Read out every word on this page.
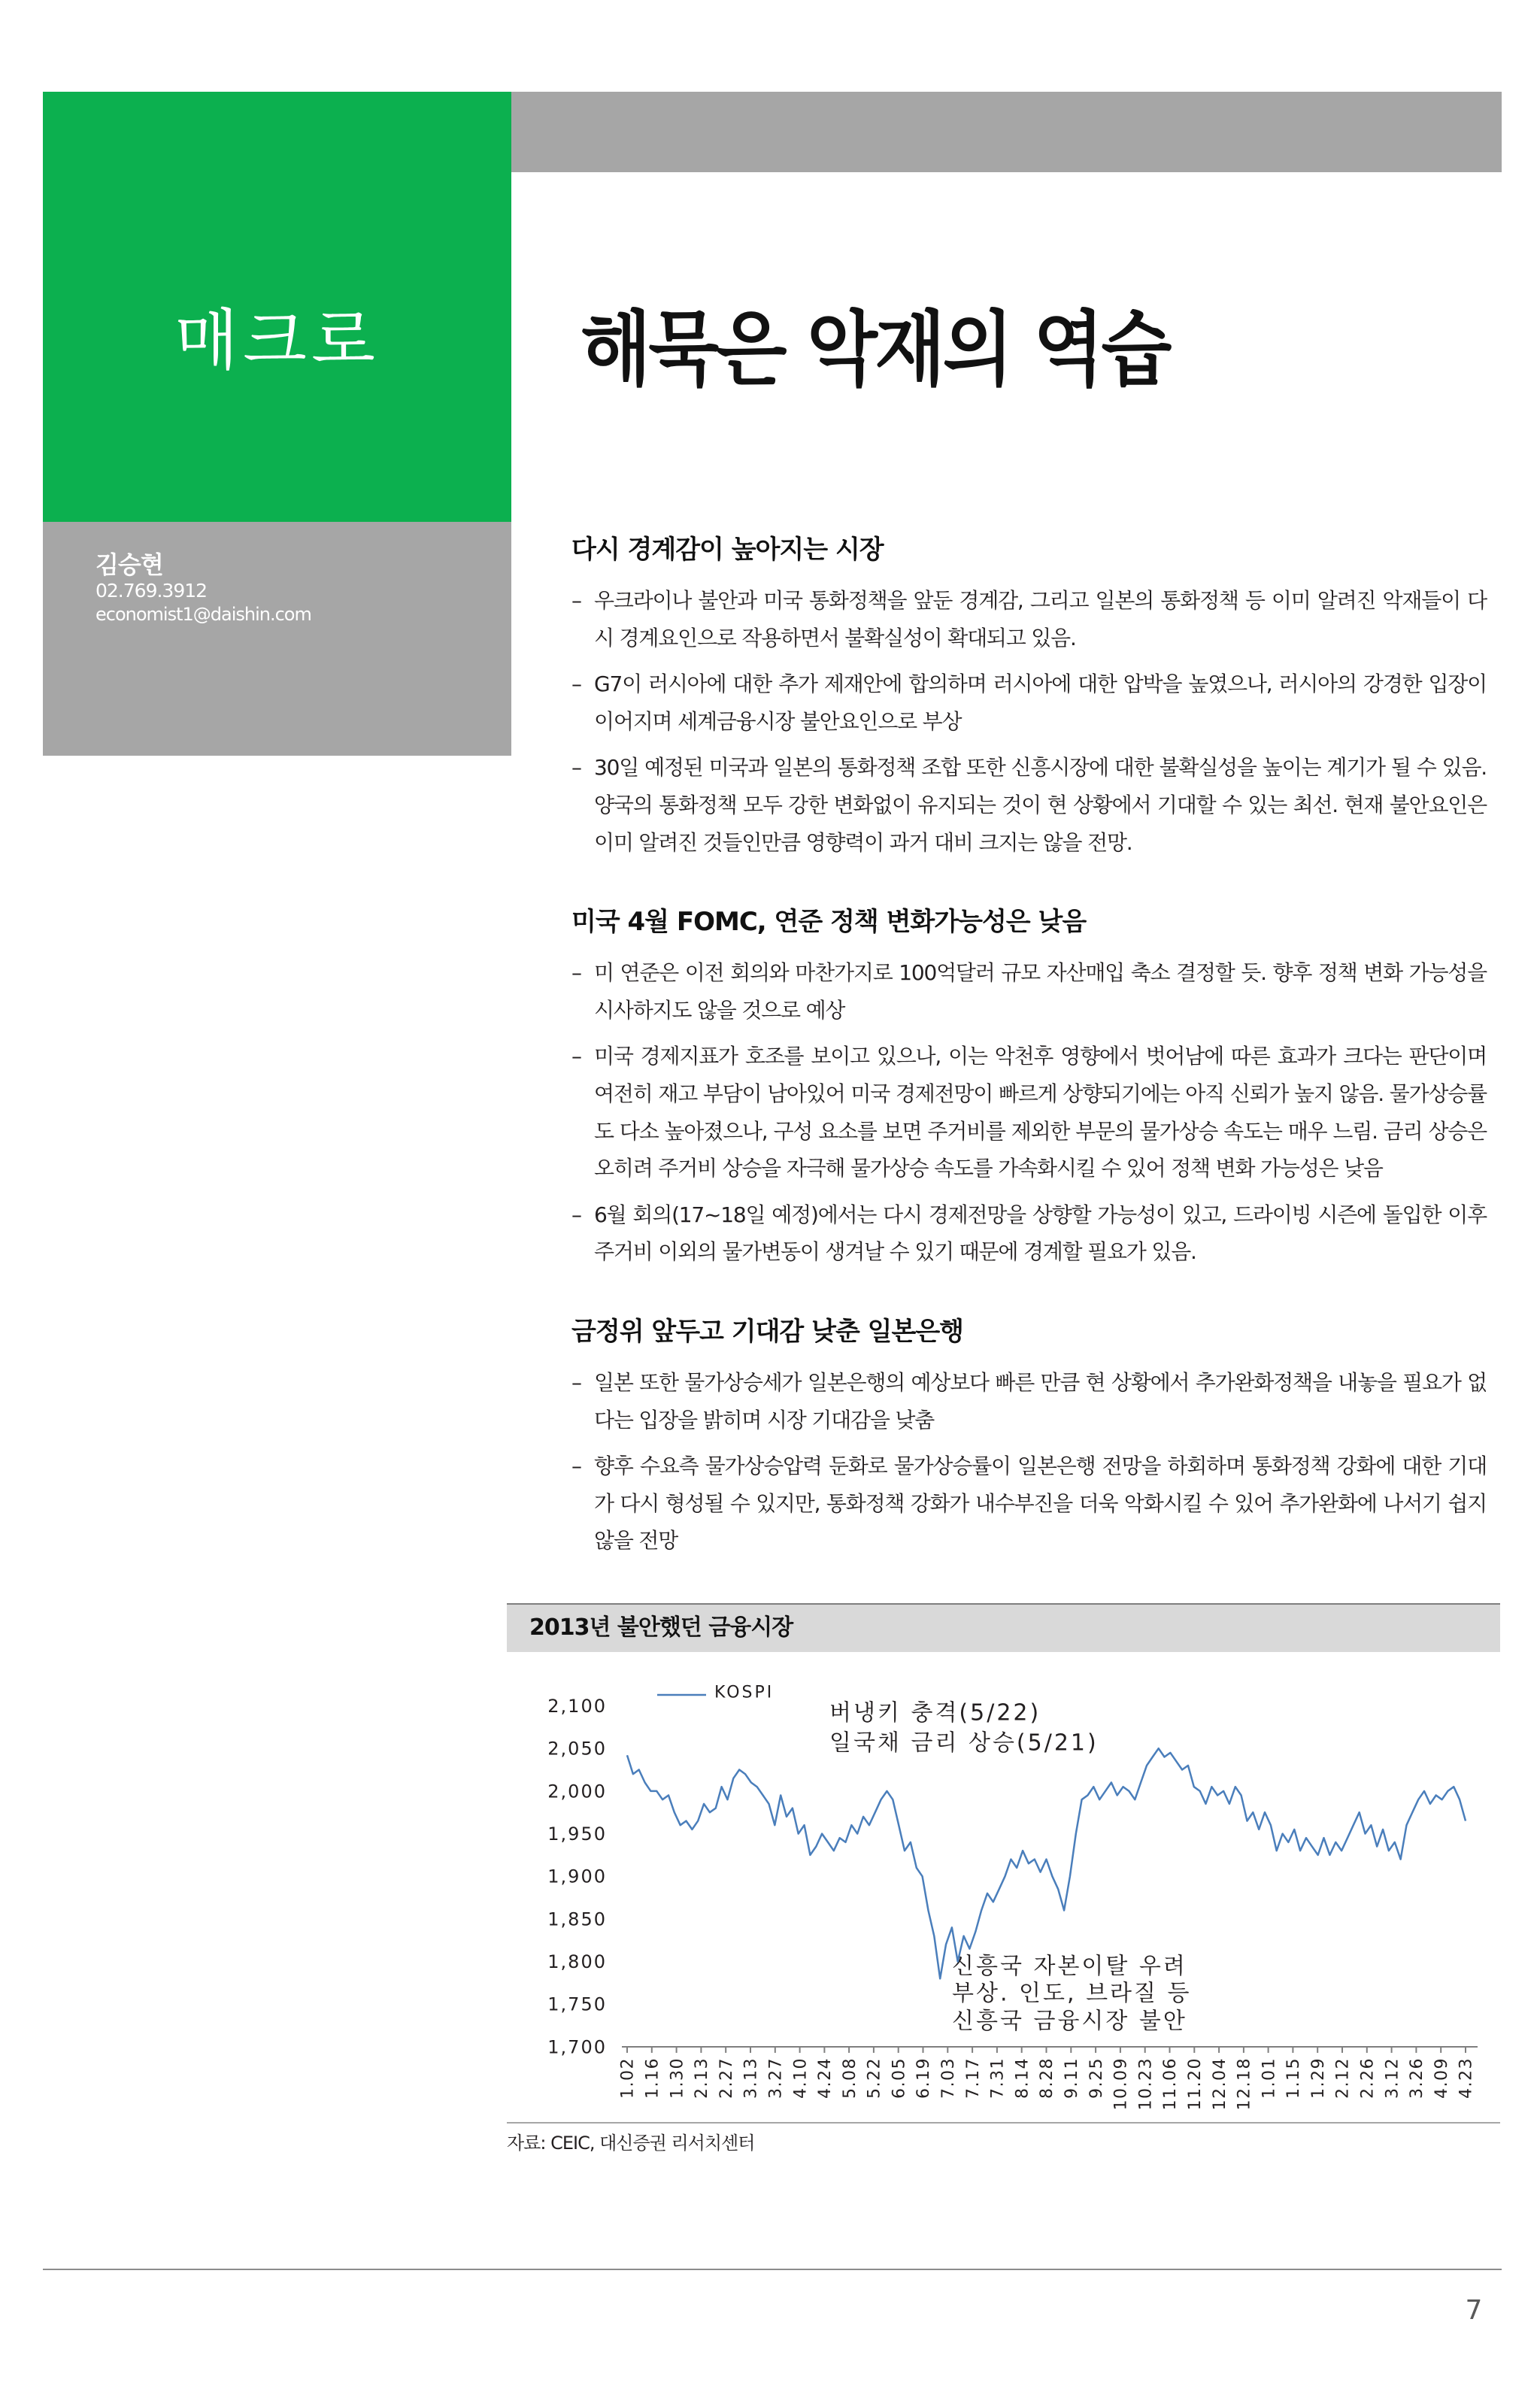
매크로	해묵은 악재의 역습
김승현
02.769.3912
economist1@daishin.com
다시 경계감이 높아지는 시장
– 우크라이나 불안과 미국 통화정책을 앞둔 경계감, 그리고 일본의 통화정책 등 이미 알려진 악재들이 다시 경계요인으로 작용하면서 불확실성이 확대되고 있음.
– G7이 러시아에 대한 추가 제재안에 합의하며 러시아에 대한 압박을 높였으나, 러시아의 강경한 입장이 이어지며 세계금융시장 불안요인으로 부상
– 30일 예정된 미국과 일본의 통화정책 조합 또한 신흥시장에 대한 불확실성을 높이는 계기가 될 수 있음. 양국의 통화정책 모두 강한 변화없이 유지되는 것이 현 상황에서 기대할 수 있는 최선. 현재 불안요인은 이미 알려진 것들인만큼 영향력이 과거 대비 크지는 않을 전망.
미국 4월 FOMC, 연준 정책 변화가능성은 낮음
– 미 연준은 이전 회의와 마찬가지로 100억달러 규모 자산매입 축소 결정할 듯. 향후 정책 변화 가능성을 시사하지도 않을 것으로 예상
– 미국 경제지표가 호조를 보이고 있으나, 이는 악천후 영향에서 벗어남에 따른 효과가 크다는 판단이며 여전히 재고 부담이 남아있어 미국 경제전망이 빠르게 상향되기에는 아직 신뢰가 높지 않음. 물가상승률도 다소 높아졌으나, 구성 요소를 보면 주거비를 제외한 부문의 물가상승 속도는 매우 느림. 금리 상승은 오히려 주거비 상승을 자극해 물가상승 속도를 가속화시킬 수 있어 정책 변화 가능성은 낮음
– 6월 회의(17~18일 예정)에서는 다시 경제전망을 상향할 가능성이 있고, 드라이빙 시즌에 돌입한 이후 주거비 이외의 물가변동이 생겨날 수 있기 때문에 경계할 필요가 있음.
금정위 앞두고 기대감 낮춘 일본은행
– 일본 또한 물가상승세가 일본은행의 예상보다 빠른 만큼 현 상황에서 추가완화정책을 내놓을 필요가 없다는 입장을 밝히며 시장 기대감을 낮춤
– 향후 수요측 물가상승압력 둔화로 물가상승률이 일본은행 전망을 하회하며 통화정책 강화에 대한 기대가 다시 형성될 수 있지만, 통화정책 강화가 내수부진을 더욱 악화시킬 수 있어 추가완화에 나서기 쉽지 않을 전망
2013년 불안했던 금융시장
KOSPI
버냉키 충격(5/22)
일국채 금리 상승(5/21)
신흥국 자본이탈 우려
부상. 인도, 브라질 등
신흥국 금융시장 불안
2,100
2,050
2,000
1,950
1,900
1,850
1,800
1,750
1,700
1.02 1.16 1.30 2.13 2.27 3.13 3.27 4.10 4.24 5.08 5.22 6.05 6.19 7.03 7.17 7.31 8.14 8.28 9.11 9.25 10.09 10.23 11.06 11.20 12.04 12.18 1.01 1.15 1.29 2.12 2.26 3.12 3.26 4.09 4.23
자료: CEIC, 대신증권 리서치센터
7
